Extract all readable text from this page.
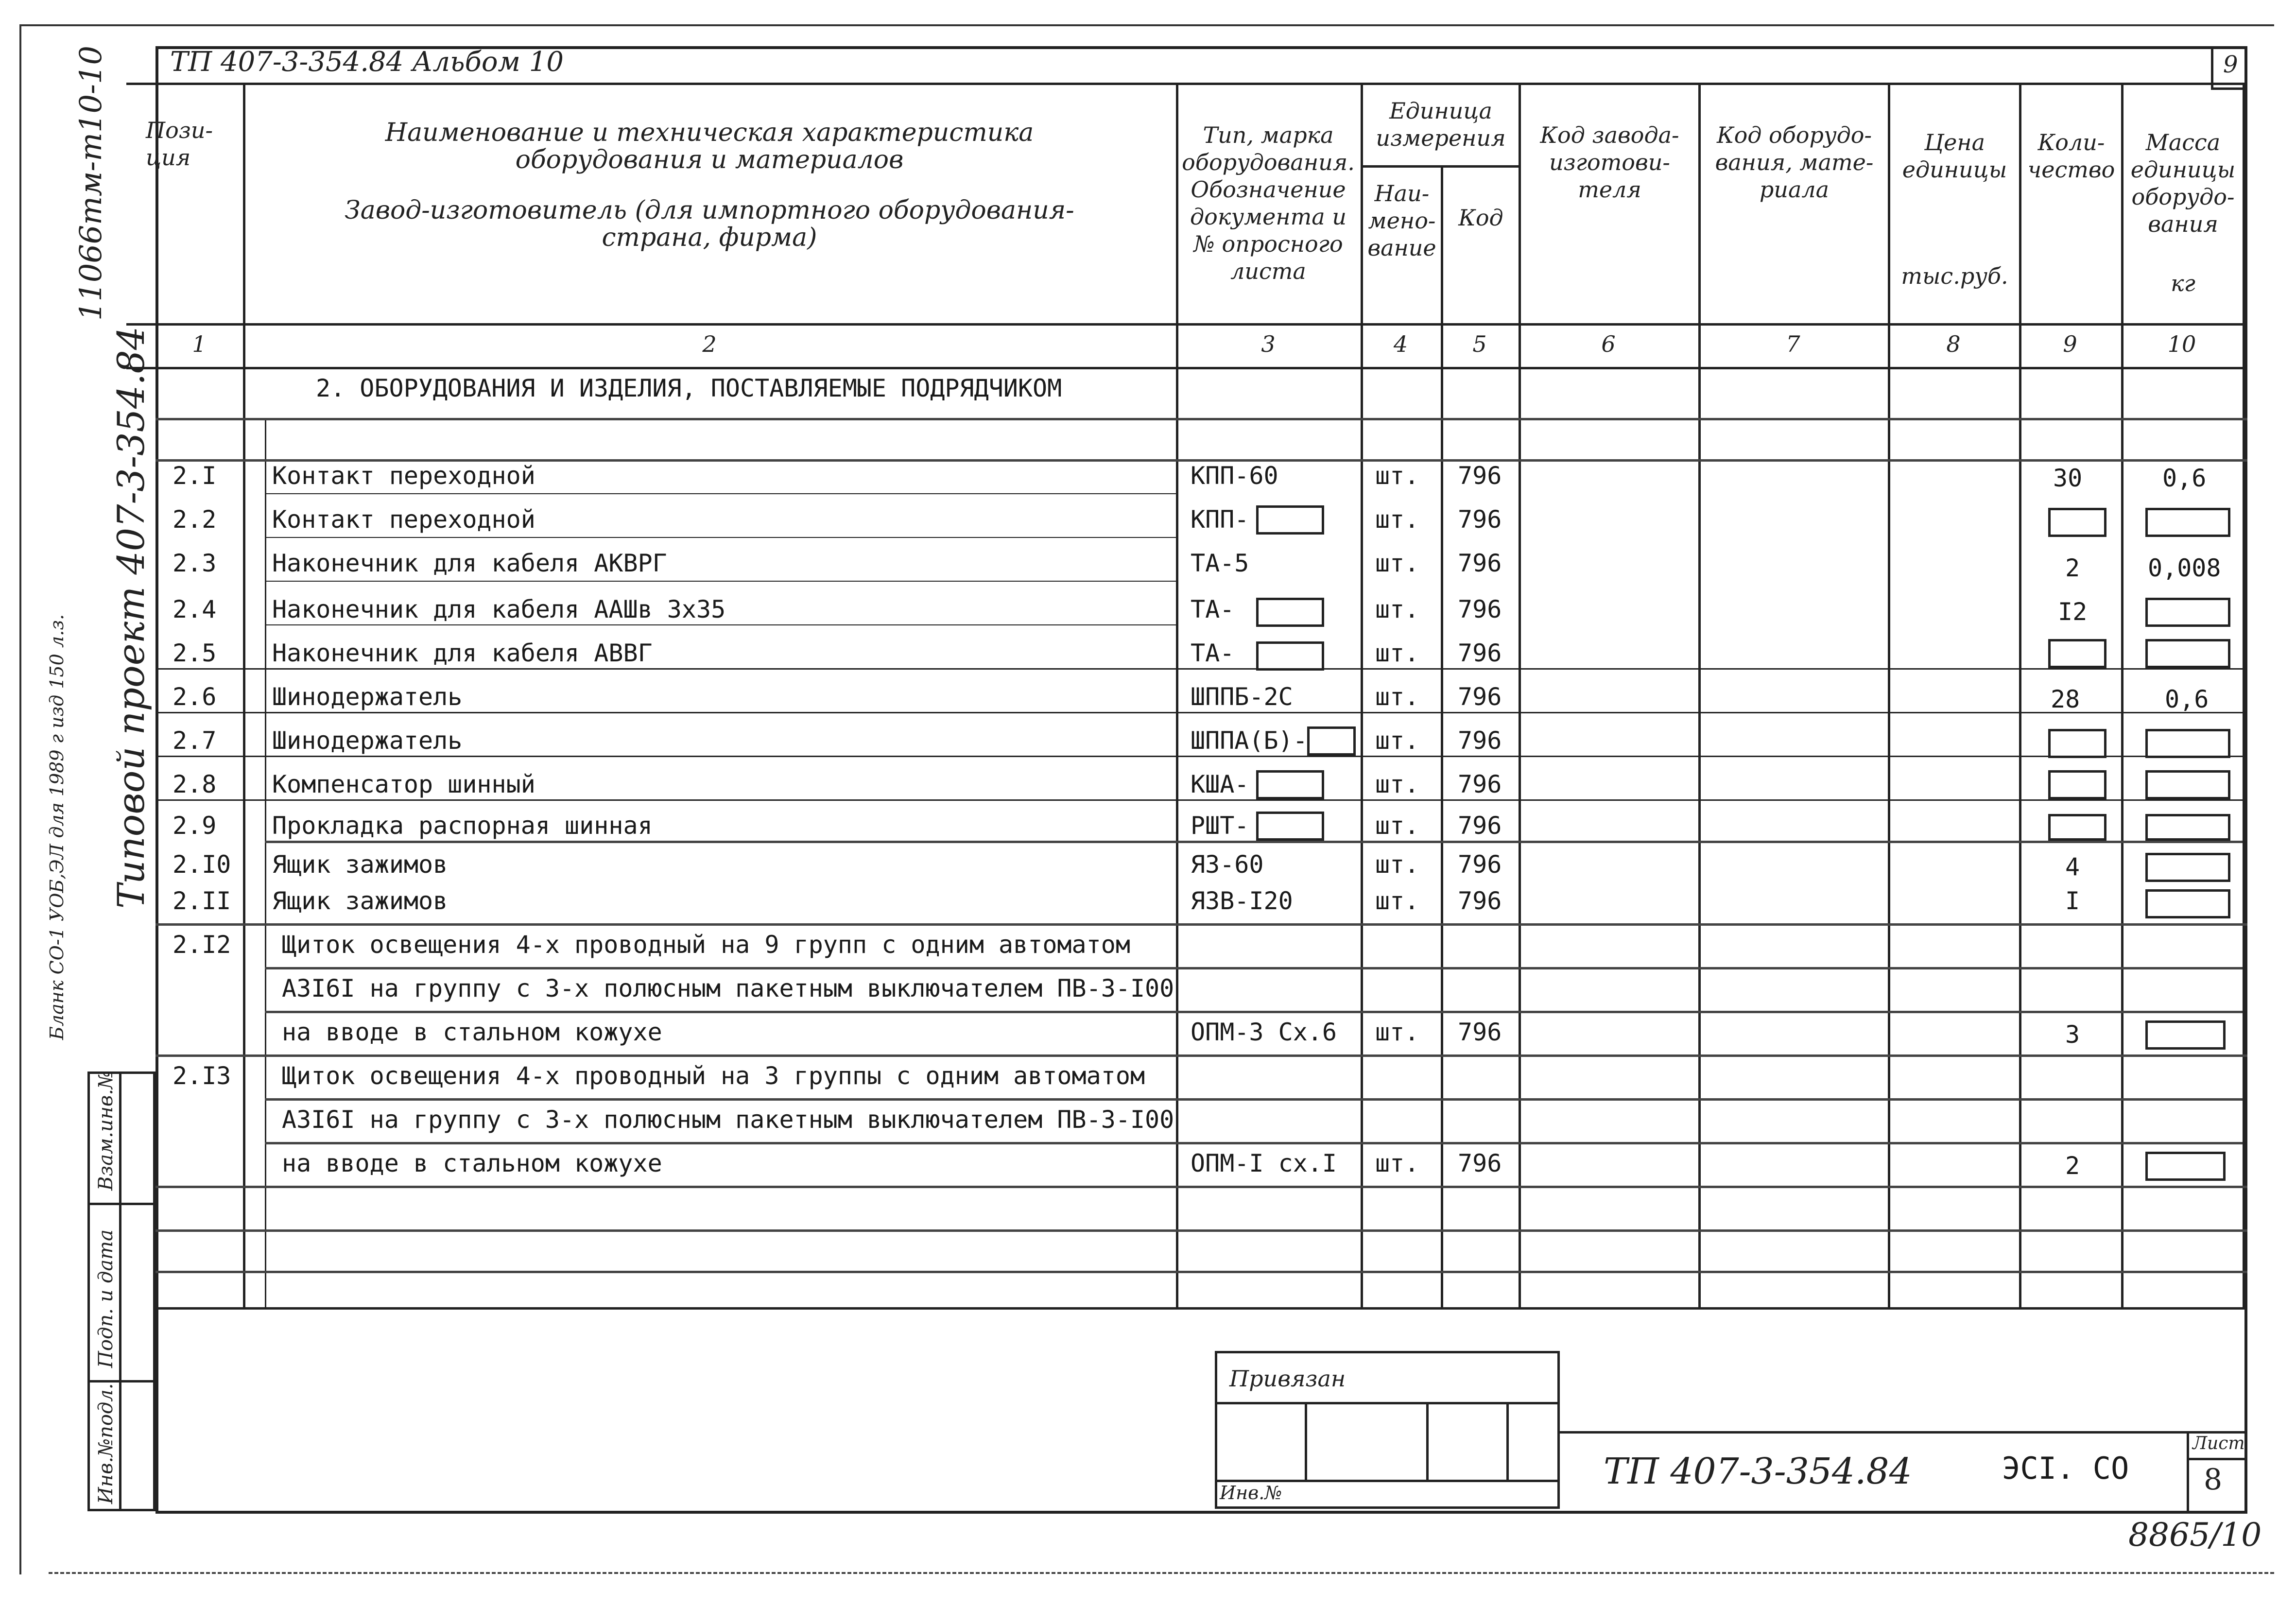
ТП 407-3-354.84 Альбом 10	9
11066тм-т10-10
Типовой проект 407-3-354.84
Бланк СО-1 УОБ,ЭЛ для 1989 г изд 150 л.з.
Взам.инв.№
Подп. и дата
Инв.№подл.
Пози-
ция
Наименование и техническая характеристика
оборудования и материалов
Завод-изготовитель (для импортного оборудования-
страна, фирма)
Тип, марка
оборудования.
Обозначение
документа и
№ опросного
листа
Единица
измерения
Наи-
мено-
вание
Код
Код завода-
изготови-
теля
Код оборудо-
вания, мате-
риала
Цена
единицы
тыс.руб.
Коли-
чество
Масса
единицы
оборудо-
вания
кг
1	2	3	4	5	6	7	8	9	10
2. ОБОРУДОВАНИЯ И ИЗДЕЛИЯ, ПОСТАВЛЯЕМЫЕ ПОДРЯДЧИКОМ
2.I Контакт переходной	КПП-60	шт. 796	30	0,6
2.2 Контакт переходной	КПП-	шт. 796
2.3 Наконечник для кабеля АКВРГ	ТА-5	шт. 796	2	0,008
2.4 Наконечник для кабеля ААШв 3х35	ТА-	шт. 796	I2
2.5 Наконечник для кабеля АВВГ	ТА-	шт. 796
2.6 Шинодержатель	ШППБ-2С	шт. 796	28	0,6
2.7 Шинодержатель	ШППА(Б)-	шт. 796
2.8 Компенсатор шинный	КША-	шт. 796
2.9 Прокладка распорная шинная	РШТ-	шт. 796
2.I0 Ящик зажимов	ЯЗ-60	шт. 796	4
2.II Ящик зажимов	ЯЗВ-I20	шт. 796	I
2.I2 Щиток освещения 4-х проводный на 9 групп с одним автоматом
АЗI6I на группу с 3-х полюсным пакетным выключателем ПВ-3-I00
на вводе в стальном кожухе	ОПМ-3 Сх.6 шт. 796	3
2.I3 Щиток освещения 4-х проводный на 3 группы с одним автоматом
АЗI6I на группу с 3-х полюсным пакетным выключателем ПВ-3-I00
на вводе в стальном кожухе	ОПМ-I сх.I шт. 796	2
Привязан
Инв.№
ТП 407-3-354.84	ЭСI. СО
Лист
8
8865/10
